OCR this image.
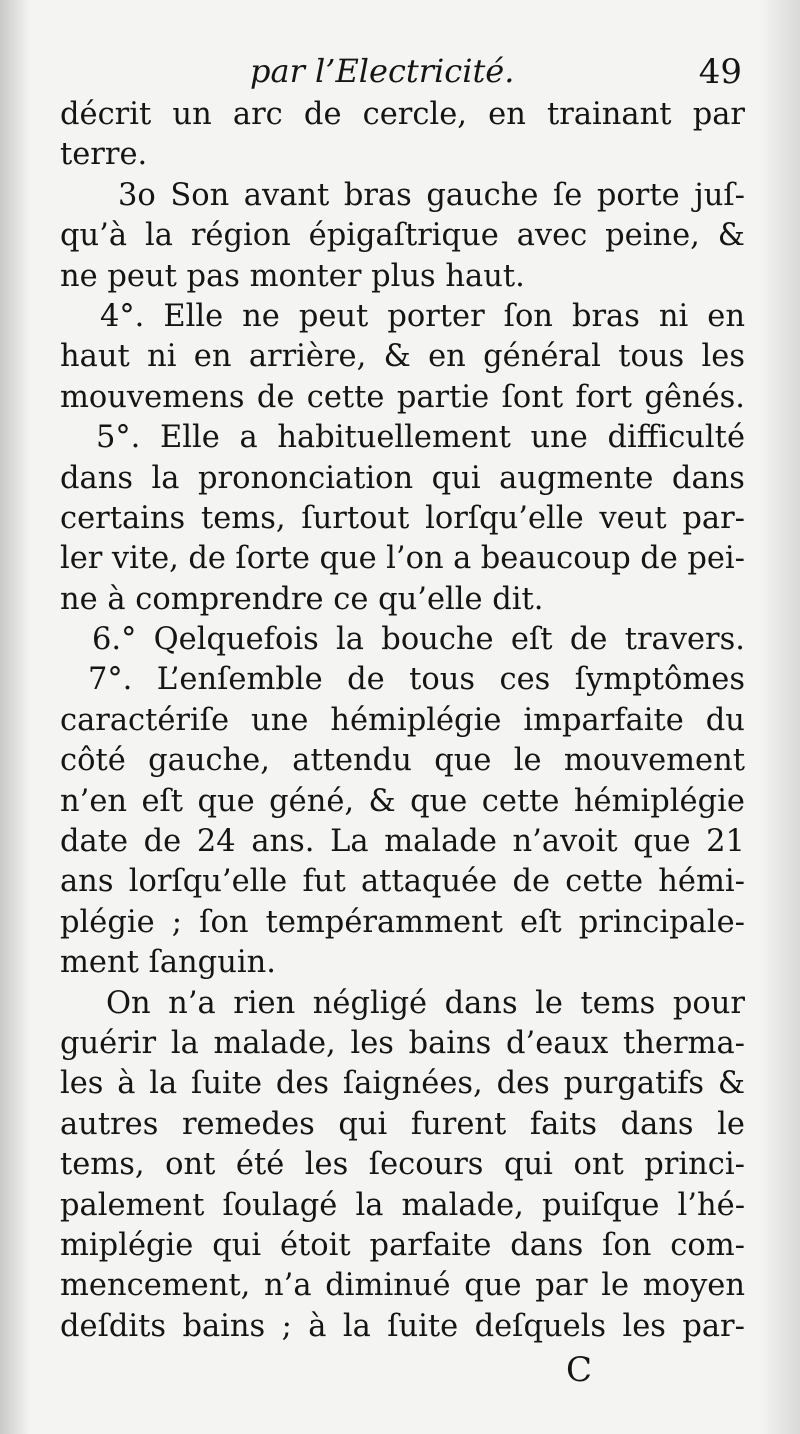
par l’Electricité.	49
décrit un arc de cercle, en trainant par
terre.
3o Son avant bras gauche ſe porte juſ-
qu’à la région épigaſtrique avec peine, &
ne peut pas monter plus haut.
4°. Elle ne peut porter ſon bras ni en
haut ni en arrière, & en général tous les
mouvemens de cette partie ſont fort gênés.
5°. Elle a habituellement une difficulté
dans la prononciation qui augmente dans
certains tems, ſurtout lorſqu’elle veut par-
ler vite, de ſorte que l’on a beaucoup de pei-
ne à comprendre ce qu’elle dit.
6.° Qelquefois la bouche eſt de travers.
7°. L’enſemble de tous ces ſymptômes
caractériſe une hémiplégie imparfaite du
côté gauche, attendu que le mouvement
n’en eſt que géné, & que cette hémiplégie
date de 24 ans. La malade n’avoit que 21
ans lorſqu’elle fut attaquée de cette hémi-
plégie ; ſon tempéramment eſt principale-
ment ſanguin.
On n’a rien négligé dans le tems pour
guérir la malade, les bains d’eaux therma-
les à la ſuite des ſaignées, des purgatifs &
autres remedes qui furent faits dans le
tems, ont été les ſecours qui ont princi-
palement ſoulagé la malade, puiſque l’hé-
miplégie qui étoit parfaite dans ſon com-
mencement, n’a diminué que par le moyen
deſdits bains ; à la ſuite deſquels les par-
C
